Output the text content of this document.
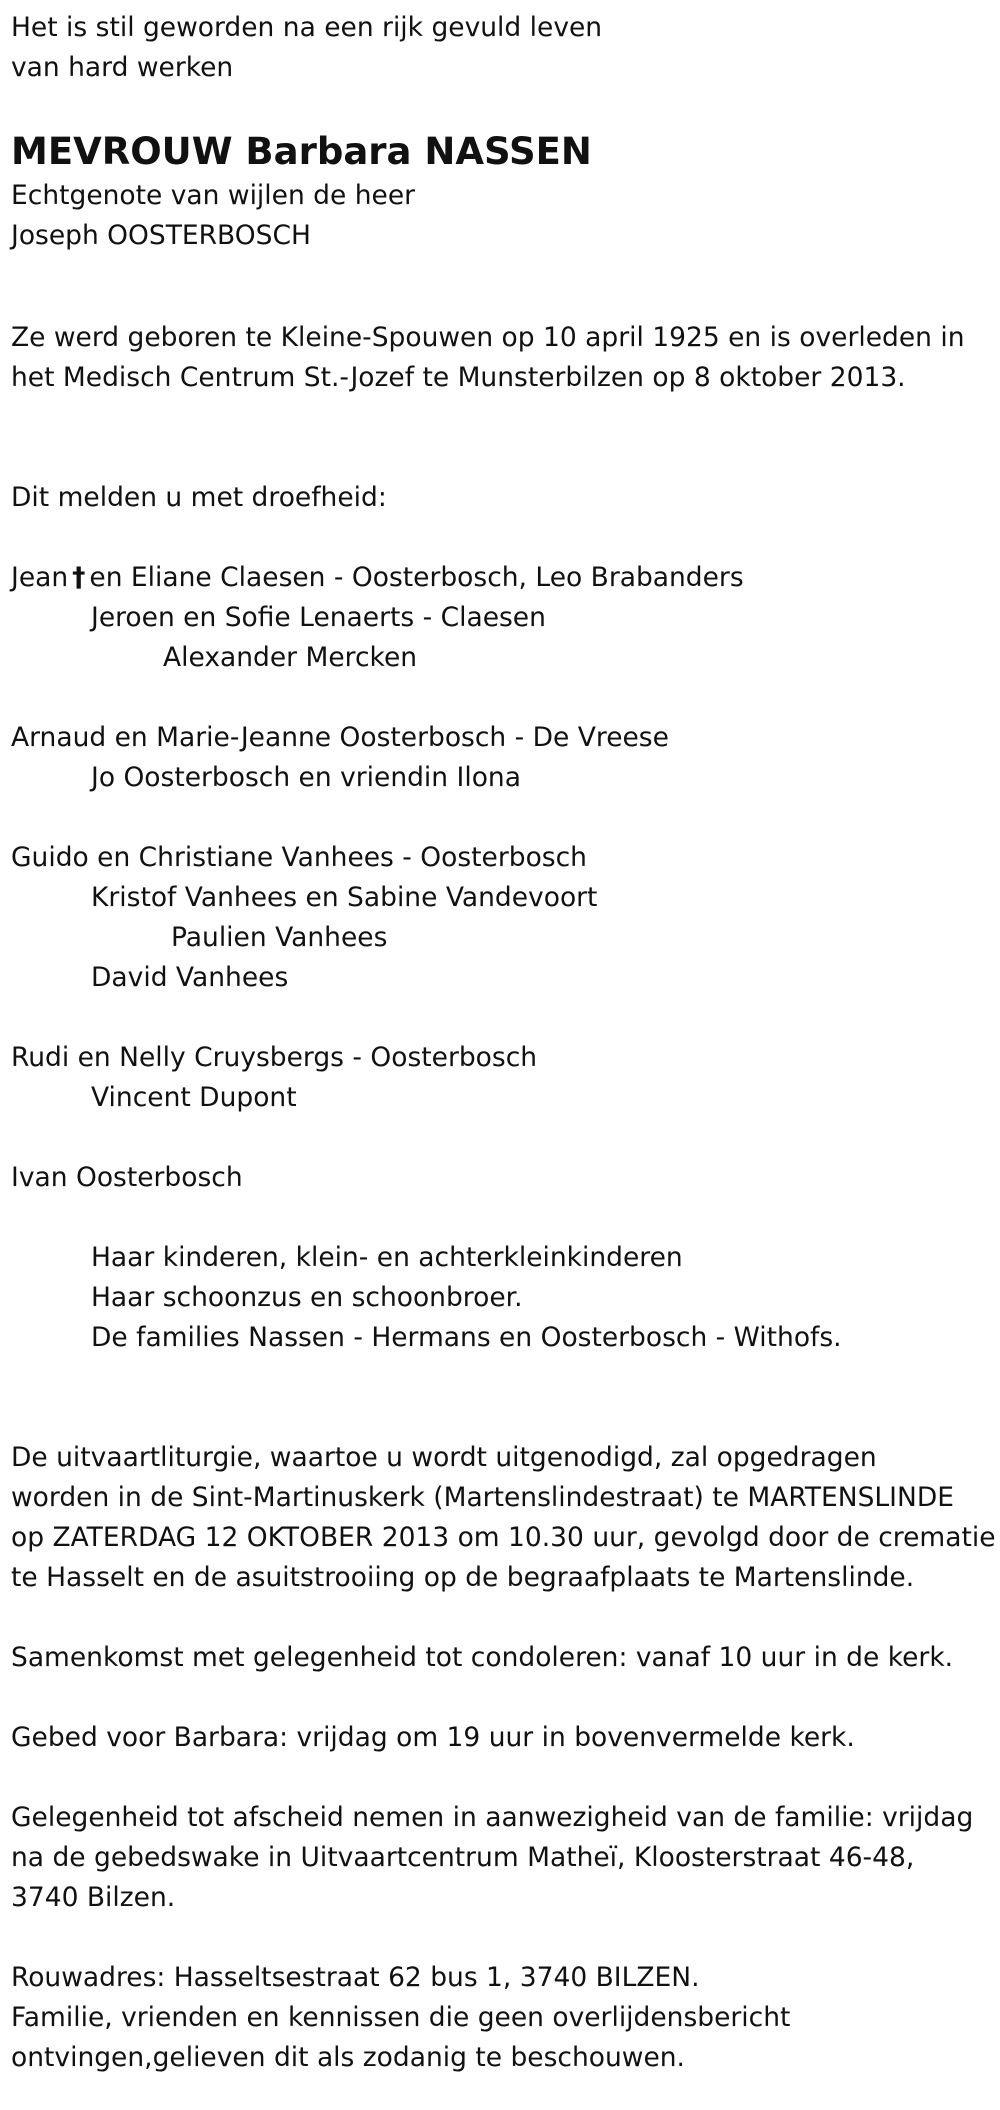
Het is stil geworden na een rijk gevuld leven
van hard werken
MEVROUW Barbara NASSEN
Echtgenote van wijlen de heer
Joseph OOSTERBOSCH
Ze werd geboren te Kleine-Spouwen op 10 april 1925 en is overleden in
het Medisch Centrum St.-Jozef te Munsterbilzen op 8 oktober 2013.
Dit melden u met droefheid:
Jean † en Eliane Claesen - Oosterbosch, Leo Brabanders
Jeroen en Sofie Lenaerts - Claesen
Alexander Mercken
Arnaud en Marie-Jeanne Oosterbosch - De Vreese
Jo Oosterbosch en vriendin Ilona
Guido en Christiane Vanhees - Oosterbosch
Kristof Vanhees en Sabine Vandevoort
Paulien Vanhees
David Vanhees
Rudi en Nelly Cruysbergs - Oosterbosch
Vincent Dupont
Ivan Oosterbosch
Haar kinderen, klein- en achterkleinkinderen
Haar schoonzus en schoonbroer.
De families Nassen - Hermans en Oosterbosch - Withofs.
De uitvaartliturgie, waartoe u wordt uitgenodigd, zal opgedragen
worden in de Sint-Martinuskerk (Martenslindestraat) te MARTENSLINDE
op ZATERDAG 12 OKTOBER 2013 om 10.30 uur, gevolgd door de crematie
te Hasselt en de asuitstrooiing op de begraafplaats te Martenslinde.
Samenkomst met gelegenheid tot condoleren: vanaf 10 uur in de kerk.
Gebed voor Barbara: vrijdag om 19 uur in bovenvermelde kerk.
Gelegenheid tot afscheid nemen in aanwezigheid van de familie: vrijdag
na de gebedswake in Uitvaartcentrum Matheï, Kloosterstraat 46-48,
3740 Bilzen.
Rouwadres: Hasseltsestraat 62 bus 1, 3740 BILZEN.
Familie, vrienden en kennissen die geen overlijdensbericht
ontvingen,gelieven dit als zodanig te beschouwen.
